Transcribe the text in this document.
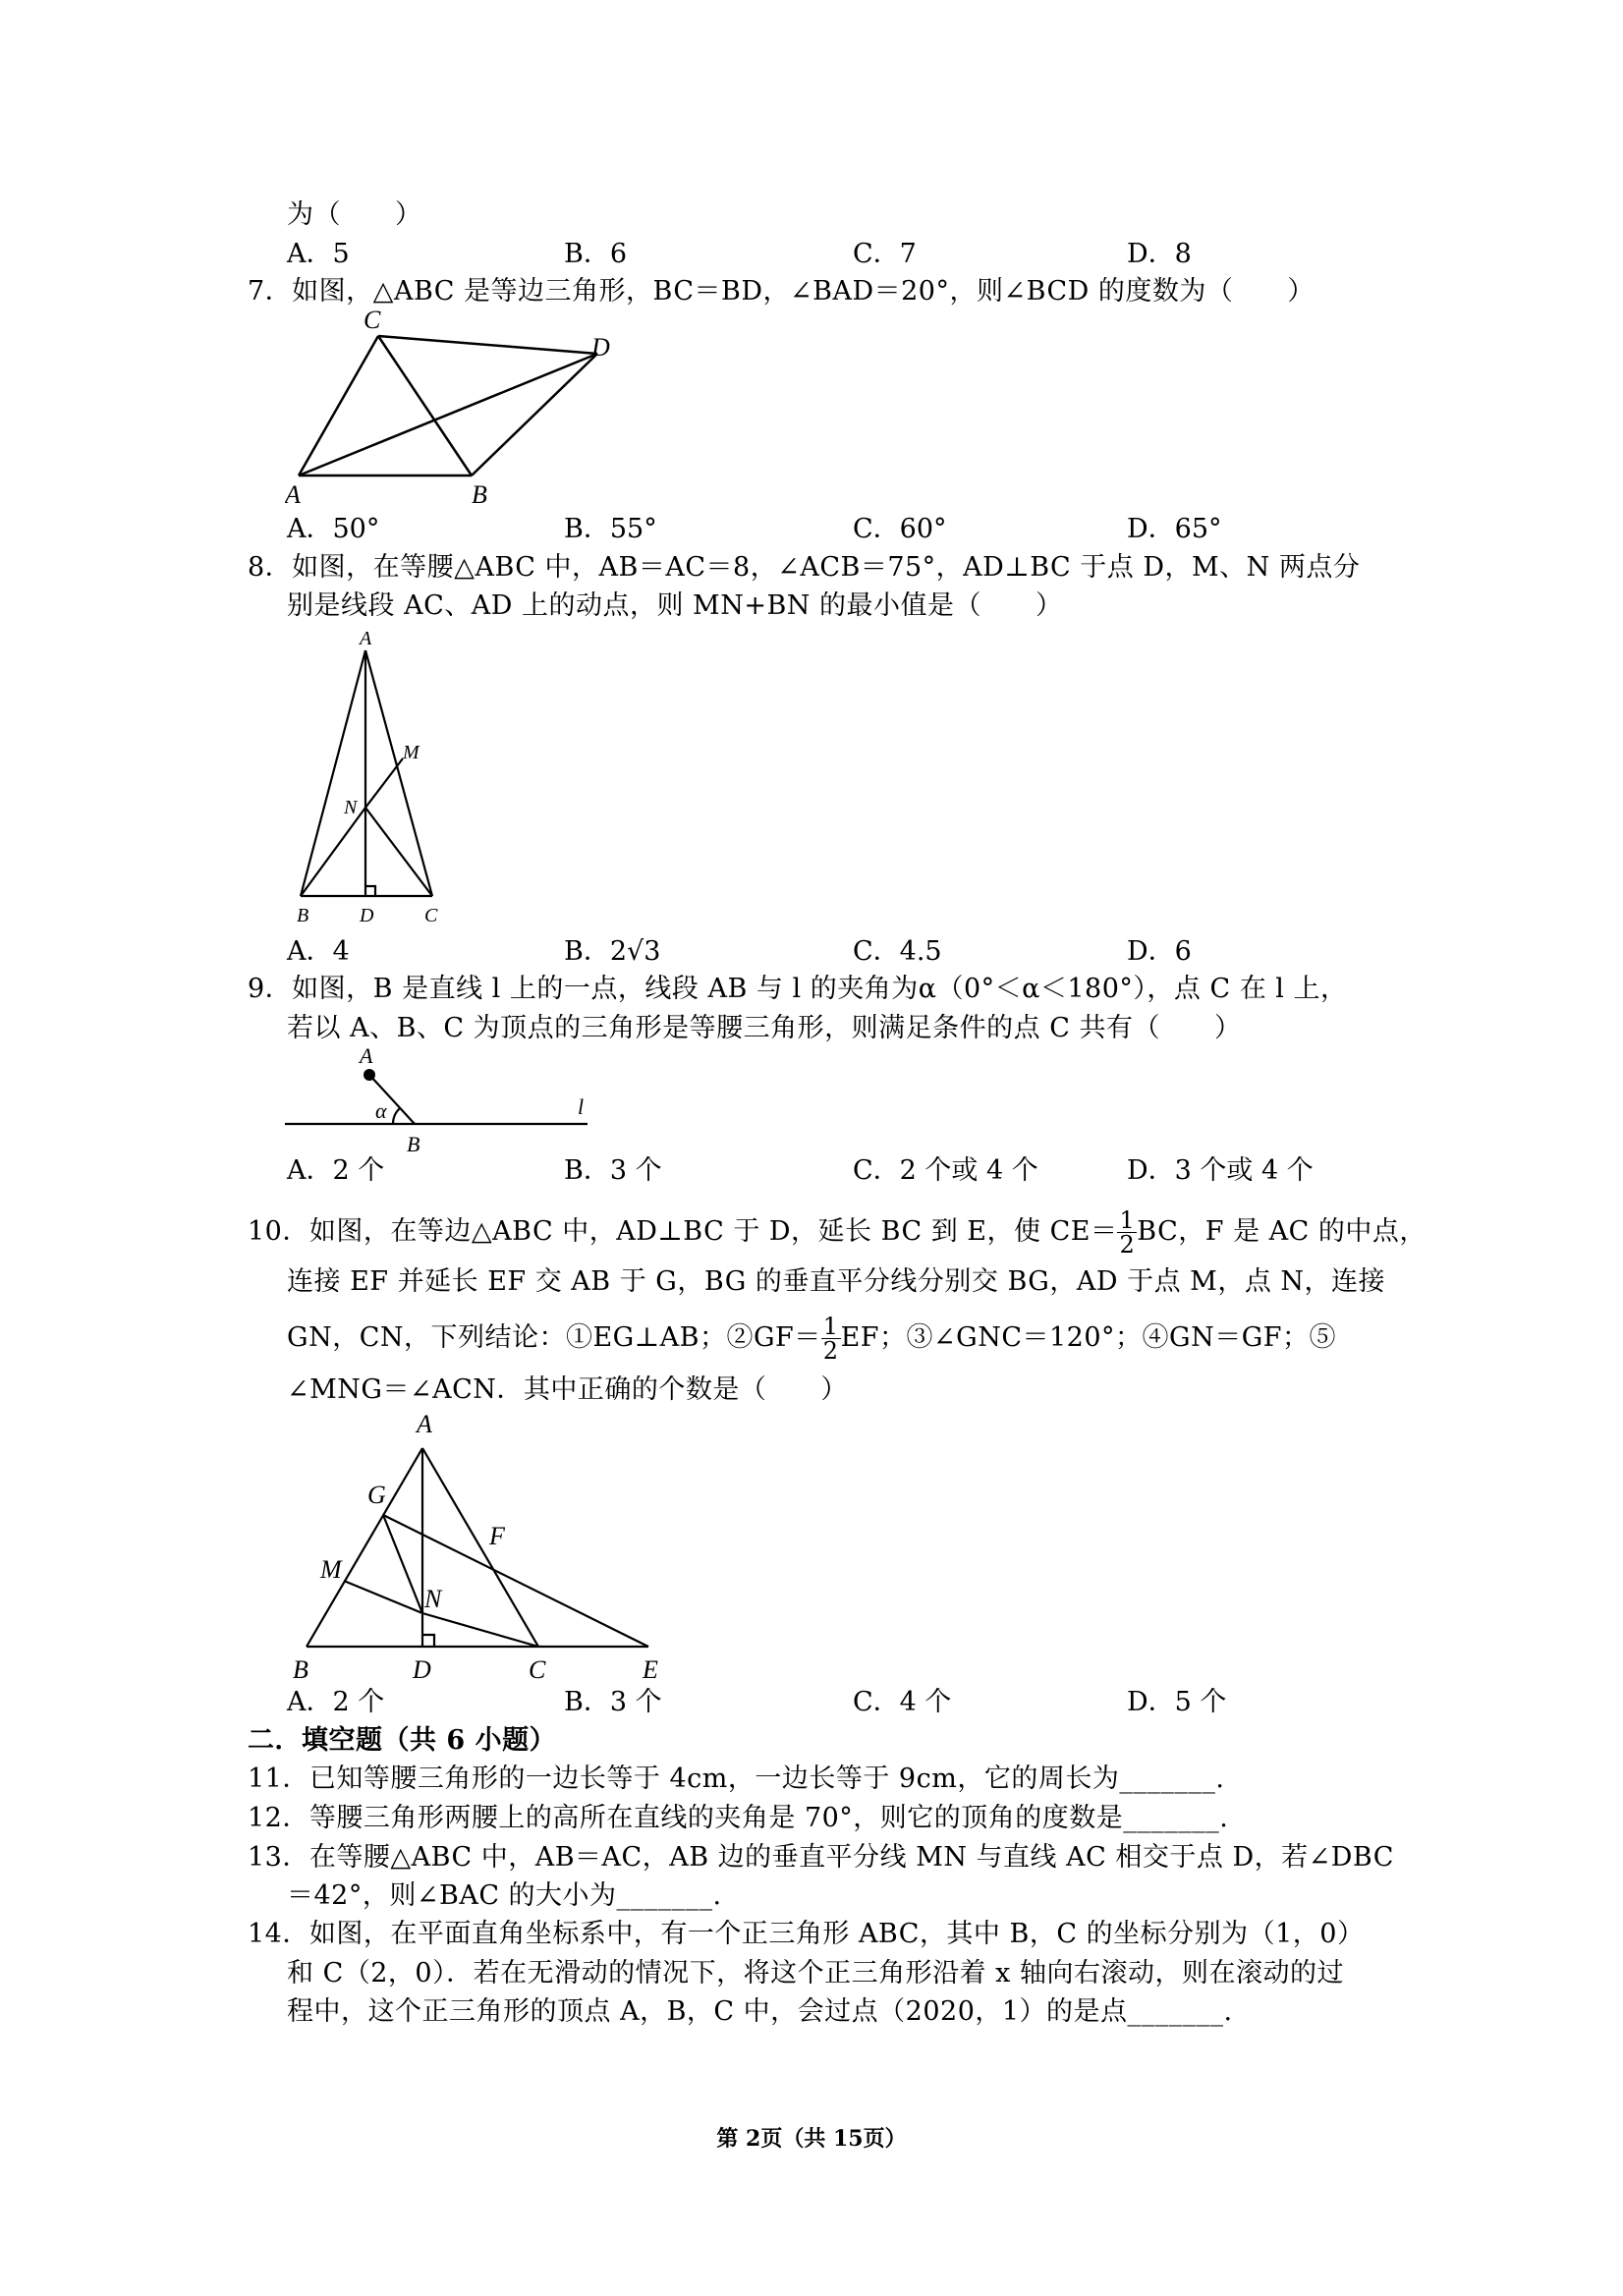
为（　　）
A．5	B．6	C．7	D．8
7．如图，△ABC 是等边三角形，BC＝BD，∠BAD＝20°，则∠BCD 的度数为（　　）
A	B
C
D
A．50°	B．55°	C．60°	D．65°
8．如图，在等腰△ABC 中，AB＝AC＝8，∠ACB＝75°，AD⊥BC 于点 D，M、N 两点分
别是线段 AC、AD 上的动点，则 MN+BN 的最小值是（　　）
A
B	C
D
M
N
A．4	B．2√3	C．4.5	D．6
9．如图，B 是直线 l 上的一点，线段 AB 与 l 的夹角为α（0°＜α＜180°），点 C 在 l 上，
若以 A、B、C 为顶点的三角形是等腰三角形，则满足条件的点 C 共有（　　）
A
B
α	l
A．2 个	B．3 个	C．2 个或 4 个	D．3 个或 4 个
10．如图，在等边△ABC 中，AD⊥BC 于 D，延长 BC 到 E，使 $CE= \frac{1}{2}$ BC，F 是 AC 的中点，
连接 EF 并延长 EF 交 AB 于 G，BG 的垂直平分线分别交 BG，AD 于点 M，点 N，连接
GN，CN，下列结论：①EG⊥AB；②GF＝ $\frac{1}{2}$ EF；③∠GNC＝120°；④GN＝GF；⑤
∠MNG＝∠ACN．其中正确的个数是（　　）
A
B	D	C	E
F
G
M
N
A．2 个	B．3 个	C．4 个	D．5 个
二．填空题（共 6 小题）
11．已知等腰三角形的一边长等于 4cm，一边长等于 9cm，它的周长为_______.
12．等腰三角形两腰上的高所在直线的夹角是 70°，则它的顶角的度数是_______.
13．在等腰△ABC 中，AB＝AC，AB 边的垂直平分线 MN 与直线 AC 相交于点 D，若∠DBC
＝42°，则∠BAC 的大小为_______.
14．如图，在平面直角坐标系中，有一个正三角形 ABC，其中 B，C 的坐标分别为（1，0）
和 C（2，0）．若在无滑动的情况下，将这个正三角形沿着 x 轴向右滚动，则在滚动的过
程中，这个正三角形的顶点 A，B，C 中，会过点（2020，1）的是点_______.
第 2页（共 15页）
